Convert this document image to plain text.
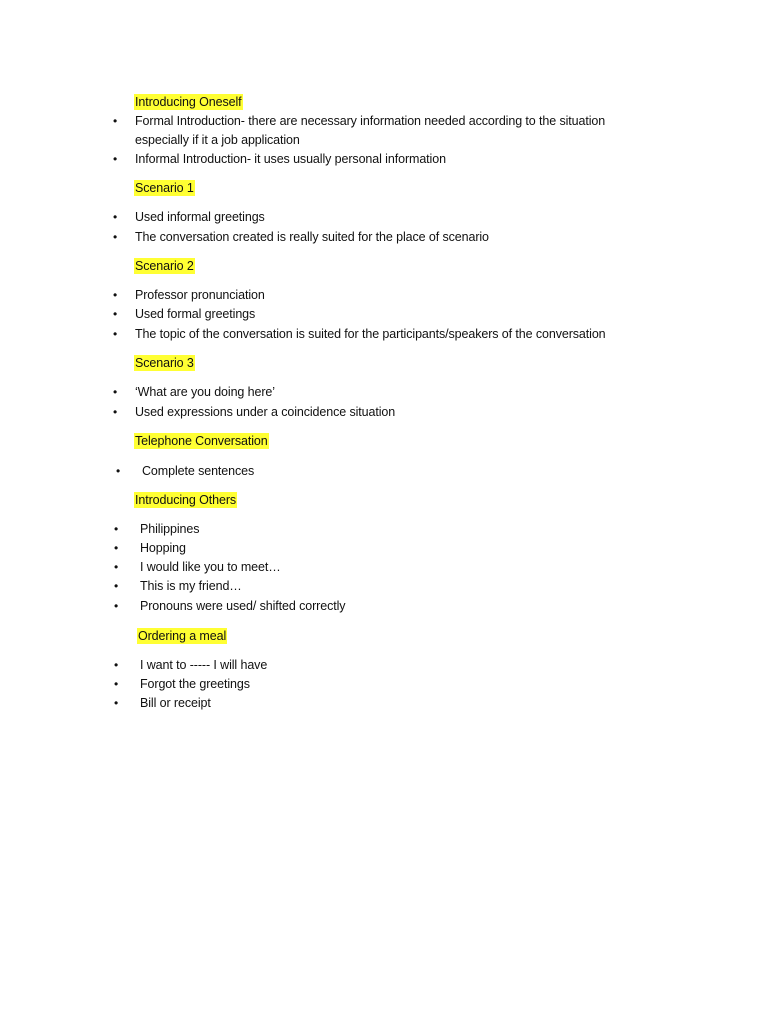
Introducing Oneself
• Formal Introduction- there are necessary information needed according to the situation
especially if it a job application
• Informal Introduction- it uses usually personal information
Scenario 1
• Used informal greetings
• The conversation created is really suited for the place of scenario
Scenario 2
• Professor pronunciation
• Used formal greetings
• The topic of the conversation is suited for the participants/speakers of the conversation
Scenario 3
• ‘What are you doing here’
• Used expressions under a coincidence situation
Telephone Conversation
• Complete sentences
Introducing Others
• Philippines
• Hopping
• I would like you to meet…
• This is my friend…
• Pronouns were used/ shifted correctly
Ordering a meal
• I want to ----- I will have
• Forgot the greetings
• Bill or receipt
